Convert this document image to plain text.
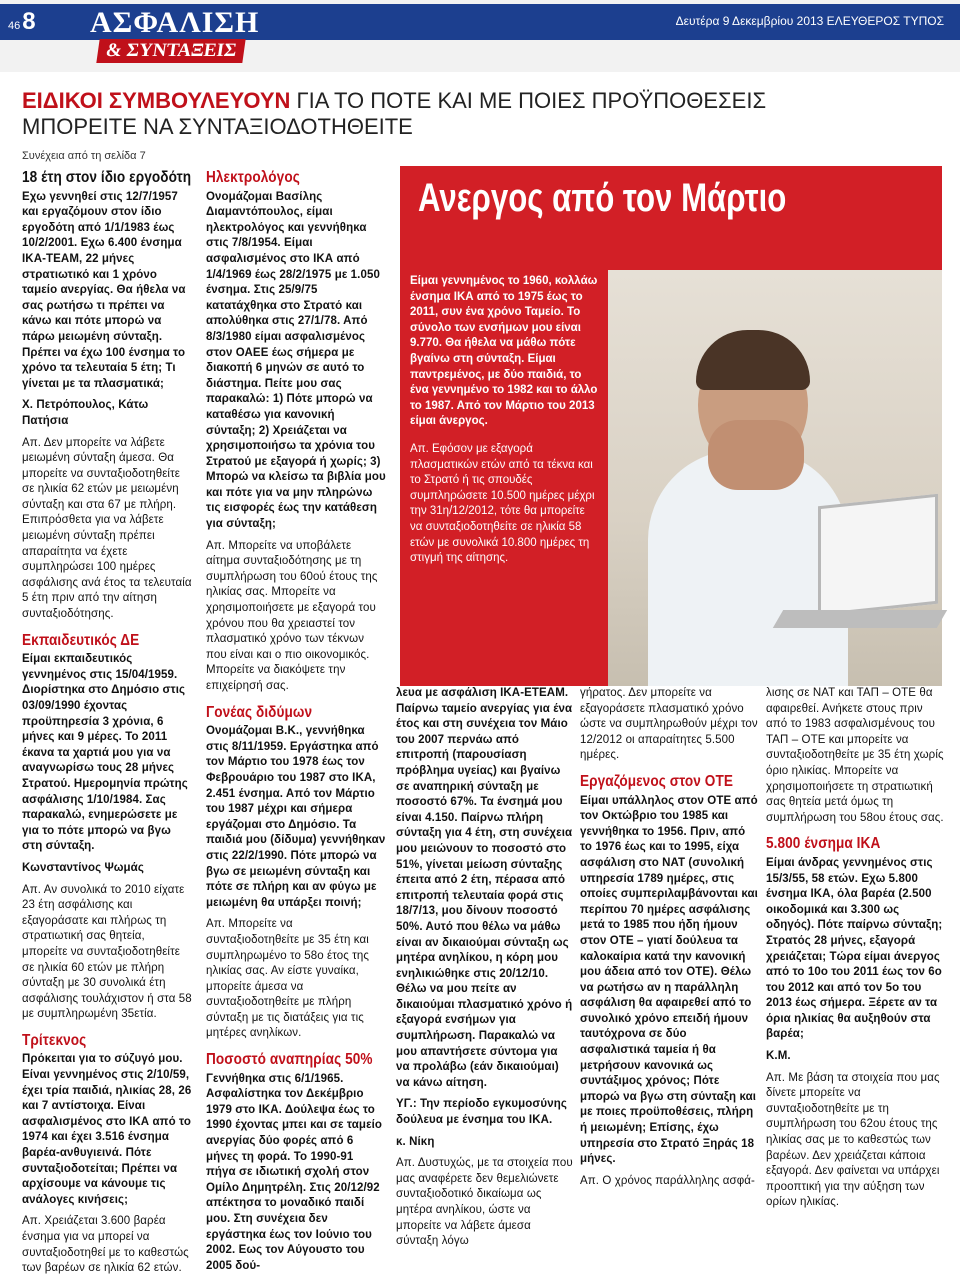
46 8 ΑΣΦΑΛΙΣΗ
& ΣΥΝΤΑΞΕΙΣ
Δευτέρα 9 Δεκεμβρίου 2013 ΕΛΕΥΘΕΡΟΣ ΤΥΠΟΣ
ΕΙΔΙΚΟΙ ΣΥΜΒΟΥΛΕΥΟΥΝ ΓΙΑ ΤΟ ΠΟΤΕ ΚΑΙ ΜΕ ΠΟΙΕΣ ΠΡΟΫΠΟΘΕΣΕΙΣ
ΜΠΟΡΕΙΤΕ ΝΑ ΣΥΝΤΑΞΙΟΔΟΤΗΘΕΙΤΕ
Συνέχεια από τη σελίδα 7
18 έτη στον ίδιο εργοδότη

Εχω γεννηθεί στις 12/7/1957 και εργαζόμουν στον ίδιο εργοδότη από 1/1/1983 έως 10/2/2001. Εχω 6.400 ένσημα ΙΚΑ-ΤΕΑΜ, 22 μήνες στρατιωτικό και 1 χρόνο ταμείο ανεργίας. Θα ήθελα να σας ρωτήσω τι πρέπει να κάνω και πότε μπορώ να πάρω μειωμένη σύνταξη. Πρέπει να έχω 100 ένσημα το χρόνο τα τελευταία 5 έτη; Τι γίνεται με τα πλασματικά;

Χ. Πετρόπουλος, Κάτω Πατήσια

Απ. Δεν μπορείτε να λάβετε μειωμένη σύνταξη άμεσα. Θα μπορείτε να συνταξιοδοτηθείτε σε ηλικία 62 ετών με μειωμένη σύνταξη και στα 67 με πλήρη. Επιπρόσθετα για να λάβετε μειωμένη σύνταξη πρέπει απαραίτητα να έχετε συμπληρώσει 100 ημέρες ασφάλισης ανά έτος τα τελευταία 5 έτη πριν από την αίτηση συνταξιοδότησης.

Εκπαιδευτικός ΔΕ

Είμαι εκπαιδευτικός γεννημένος στις 15/04/1959. Διορίστηκα στο Δημόσιο στις 03/09/1990 έχοντας προϋπηρεσία 3 χρόνια, 6 μήνες και 9 μέρες. Το 2011 έκανα τα χαρτιά μου για να αναγνωρίσω τους 28 μήνες Στρατού. Ημερομηνία πρώτης ασφάλισης 1/10/1984. Σας παρακαλώ, ενημερώσετε με για το πότε μπορώ να βγω στη σύνταξη.

Κωνσταντίνος Ψωμάς

Απ. Αν συνολικά το 2010 είχατε 23 έτη ασφάλισης και εξαγοράσατε και πλήρως τη στρατιωτική σας θητεία, μπορείτε να συνταξιοδοτηθείτε σε ηλικία 60 ετών με πλήρη σύνταξη με 30 συνολικά έτη ασφάλισης τουλάχιστον ή στα 58 με συμπληρωμένη 35ετία.

Τρίτεκνος

Πρόκειται για το σύζυγό μου. Είναι γεννημένος στις 2/10/59, έχει τρία παιδιά, ηλικίας 28, 26 και 7 αντίστοιχα. Είναι ασφαλισμένος στο ΙΚΑ από το 1974 και έχει 3.516 ένσημα βαρέα-ανθυγιεινά. Πότε συνταξιοδοτείται; Πρέπει να αρχίσουμε να κάνουμε τις ανάλογες κινήσεις;

Απ. Χρειάζεται 3.600 βαρέα ένσημα για να μπορεί να συνταξιοδοτηθεί με το καθεστώς των βαρέων σε ηλικία 62 ετών.

Ηλεκτρολόγος

Ονομάζομαι Βασίλης Διαμαντόπουλος, είμαι ηλεκτρολόγος και γεννήθηκα στις 7/8/1954. Είμαι ασφαλισμένος στο ΙΚΑ από 1/4/1969 έως 28/2/1975 με 1.050 ένσημα. Στις 25/9/75 κατατάχθηκα στο Στρατό και απολύθηκα στις 27/1/78. Από 8/3/1980 είμαι ασφαλισμένος στον ΟΑΕΕ έως σήμερα με διακοπή 6 μηνών σε αυτό το διάστημα. Πείτε μου σας παρακαλώ: 1) Πότε μπορώ να καταθέσω για κανονική σύνταξη; 2) Χρειάζεται να χρησιμοποιήσω τα χρόνια του Στρατού με εξαγορά ή χωρίς; 3) Μπορώ να κλείσω τα βιβλία μου και πότε για να μην πληρώνω τις εισφορές έως την κατάθεση για σύνταξη;

Απ. Μπορείτε να υποβάλετε αίτημα συνταξιοδότησης με τη συμπλήρωση του 60ού έτους της ηλικίας σας. Μπορείτε να χρησιμοποιήσετε με εξαγορά του χρόνου που θα χρειαστεί τον πλασματικό χρόνο των τέκνων που είναι και ο πιο οικονομικός. Μπορείτε να διακόψετε την επιχείρησή σας.

Γονέας διδύμων

Ονομάζομαι Β.Κ., γεννήθηκα στις 8/11/1959. Εργάστηκα από τον Μάρτιο του 1978 έως τον Φεβρουάριο του 1987 στο ΙΚΑ, 2.451 ένσημα. Από τον Μάρτιο του 1987 μέχρι και σήμερα εργάζομαι στο Δημόσιο. Τα παιδιά μου (δίδυμα) γεννήθηκαν στις 22/2/1990. Πότε μπορώ να βγω σε μειωμένη σύνταξη και πότε σε πλήρη και αν φύγω με μειωμένη θα υπάρξει ποινή;

Απ. Μπορείτε να συνταξιοδοτηθείτε με 35 έτη και συμπληρωμένο το 58ο έτος της ηλικίας σας. Αν είστε γυναίκα, μπορείτε άμεσα να συνταξιοδοτηθείτε με πλήρη σύνταξη με τις διατάξεις για τις μητέρες ανηλίκων.

Ποσοστό αναπηρίας 50%

Γεννήθηκα στις 6/1/1965. Ασφαλίστηκα τον Δεκέμβριο 1979 στο ΙΚΑ. Δούλεψα έως το 1990 έχοντας μπει και σε ταμείο ανεργίας δύο φορές από 6 μήνες τη φορά. Το 1990-91 πήγα σε ιδιωτική σχολή στον Ομίλο Δημητρέλη. Στις 20/12/92 απέκτησα το μοναδικό παιδί μου. Στη συνέχεια δεν εργάστηκα έως τον Ιούνιο του 2002. Εως τον Αύγουστο του 2005 δού-

Είμαι γεννημένος το 1960, κολλάω ένσημα ΙΚΑ από το 1975 έως το 2011, συν ένα χρόνο Ταμείο. Το σύνολο των ενσήμων μου είναι 9.770. Θα ήθελα να μάθω πότε βγαίνω στη σύνταξη. Είμαι παντρεμένος, με δύο παιδιά, το ένα γεννημένο το 1982 και το άλλο το 1987. Από τον Μάρτιο του 2013 είμαι άνεργος.

Απ. Εφόσον με εξαγορά πλασματικών ετών από τα τέκνα και το Στρατό ή τις σπουδές συμπληρώσετε 10.500 ημέρες μέχρι την 31η/12/2012, τότε θα μπορείτε να συνταξιοδοτηθείτε σε ηλικία 58 ετών με συνολικά 10.800 ημέρες τη στιγμή της αίτησης.

Ανεργος από τον Μάρτιο

λευα με ασφάλιση ΙΚΑ-ΕΤΕΑΜ. Παίρνω ταμείο ανεργίας για ένα έτος και στη συνέχεια τον Μάιο του 2007 περνάω από επιτροπή (παρουσίαση πρόβλημα υγείας) και βγαίνω σε αναπηρική σύνταξη με ποσοστό 67%. Τα ένσημά μου είναι 4.150. Παίρνω πλήρη σύνταξη για 4 έτη, στη συνέχεια μου μειώνουν το ποσοστό στο 51%, γίνεται μείωση σύνταξης έπειτα από 2 έτη, πέρασα από επιτροπή τελευταία φορά στις 18/7/13, μου δίνουν ποσοστό 50%. Αυτό που θέλω να μάθω είναι αν δικαιούμαι σύνταξη ως μητέρα ανηλίκου, η κόρη μου ενηλικιώθηκε στις 20/12/10. Θέλω να μου πείτε αν δικαιούμαι πλασματικό χρόνο ή εξαγορά ενσήμων για συμπλήρωση. Παρακαλώ να μου απαντήσετε σύντομα για να προλάβω (εάν δικαιούμαι) να κάνω αίτηση.

ΥΓ.: Την περίοδο εγκυμοσύνης δούλευα με ένσημα του ΙΚΑ.

κ. Νίκη

Απ. Δυστυχώς, με τα στοιχεία που μας αναφέρετε δεν θεμελιώνετε συνταξιοδοτικό δικαίωμα ως μητέρα ανηλίκου, ώστε να μπορείτε να λάβετε άμεσα σύνταξη λόγω

γήρατος. Δεν μπορείτε να εξαγοράσετε πλασματικό χρόνο ώστε να συμπληρωθούν μέχρι τον 12/2012 οι απαραίτητες 5.500 ημέρες.

Εργαζόμενος στον ΟΤΕ

Είμαι υπάλληλος στον ΟΤΕ από τον Οκτώβριο του 1985 και γεννήθηκα το 1956. Πριν, από το 1976 έως και το 1995, είχα ασφάλιση στο ΝΑΤ (συνολική υπηρεσία 1789 ημέρες, στις οποίες συμπεριλαμβάνονται και περίπου 70 ημέρες ασφάλισης μετά το 1985 που ήδη ήμουν στον ΟΤΕ – γιατί δούλευα τα καλοκαίρια κατά την κανονική μου άδεια από τον ΟΤΕ). Θέλω να ρωτήσω αν η παράλληλη ασφάλιση θα αφαιρεθεί από το συνολικό χρόνο επειδή ήμουν ταυτόχρονα σε δύο ασφαλιστικά ταμεία ή θα μετρήσουν κανονικά ως συντάξιμος χρόνος; Πότε μπορώ να βγω στη σύνταξη και με ποιες προϋποθέσεις, πλήρη ή μειωμένη; Επίσης, έχω υπηρεσία στο Στρατό Ξηράς 18 μήνες.

Απ. Ο χρόνος παράλληλης ασφά-

λισης σε ΝΑΤ και ΤΑΠ – ΟΤΕ θα αφαιρεθεί. Ανήκετε στους πριν από το 1983 ασφαλισμένους του ΤΑΠ – ΟΤΕ και μπορείτε να συνταξιοδοτηθείτε με 35 έτη χωρίς όριο ηλικίας. Μπορείτε να χρησιμοποιήσετε τη στρατιωτική σας θητεία μετά όμως τη συμπλήρωση του 58ου έτους σας.

5.800 ένσημα ΙΚΑ

Είμαι άνδρας γεννημένος στις 15/3/55, 58 ετών. Εχω 5.800 ένσημα ΙΚΑ, όλα βαρέα (2.500 οικοδομικά και 3.300 ως οδηγός). Πότε παίρνω σύνταξη; Στρατός 28 μήνες, εξαγορά χρειάζεται; Τώρα είμαι άνεργος από το 10ο του 2011 έως τον 6ο του 2012 και από τον 5ο του 2013 έως σήμερα. Ξέρετε αν τα όρια ηλικίας θα αυξηθούν στα βαρέα;

Κ.Μ.

Απ. Με βάση τα στοιχεία που μας δίνετε μπορείτε να συνταξιοδοτηθείτε με τη συμπλήρωση του 62ου έτους της ηλικίας σας με το καθεστώς των βαρέων. Δεν χρειάζεται κάποια εξαγορά. Δεν φαίνεται να υπάρχει προοπτική για την αύξηση των ορίων ηλικίας.
